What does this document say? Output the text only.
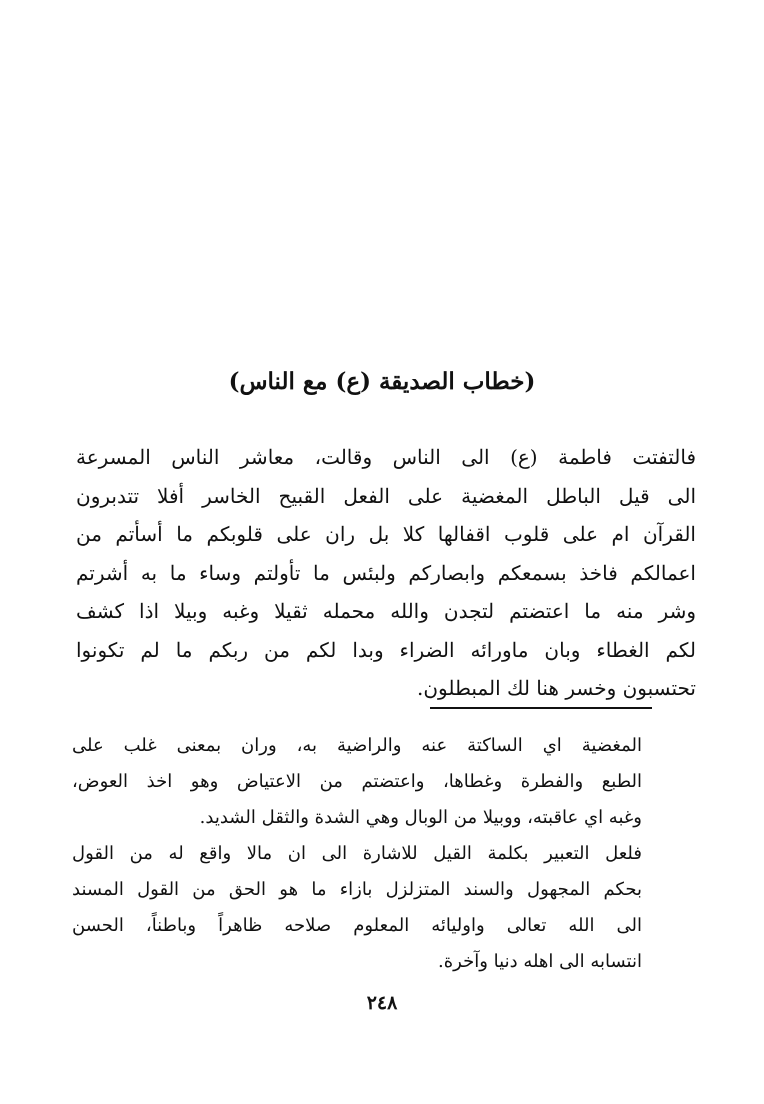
(خطاب الصديقة (ع) مع الناس)
فالتفتت فاطمة (ع) الى الناس وقالت، معاشر الناس المسرعة
الى قيل الباطل المغضية على الفعل القبيح الخاسر أفلا تتدبرون
القرآن ام على قلوب اقفالها كلا بل ران على قلوبكم ما أسأتم من
اعمالكم فاخذ بسمعكم وابصاركم ولبئس ما تأولتم وساء ما به أشرتم
وشر منه ما اعتضتم لتجدن والله محمله ثقيلا وغبه وبيلا اذا كشف
لكم الغطاء وبان ماورائه الضراء وبدا لكم من ربكم ما لم تكونوا
تحتسبون وخسر هنا لك المبطلون.
المغضية اي الساكتة عنه والراضية به، وران بمعنى غلب على
الطبع والفطرة وغطاها، واعتضتم من الاعتياض وهو اخذ العوض،
وغبه اي عاقبته، ووبيلا من الوبال وهي الشدة والثقل الشديد.
فلعل التعبير بكلمة القيل للاشارة الى ان مالا واقع له من القول
بحكم المجهول والسند المتزلزل بازاء ما هو الحق من القول المسند
الى الله تعالى واوليائه المعلوم صلاحه ظاهراً وباطناً، الحسن
انتسابه الى اهله دنيا وآخرة.
٢٤٨
